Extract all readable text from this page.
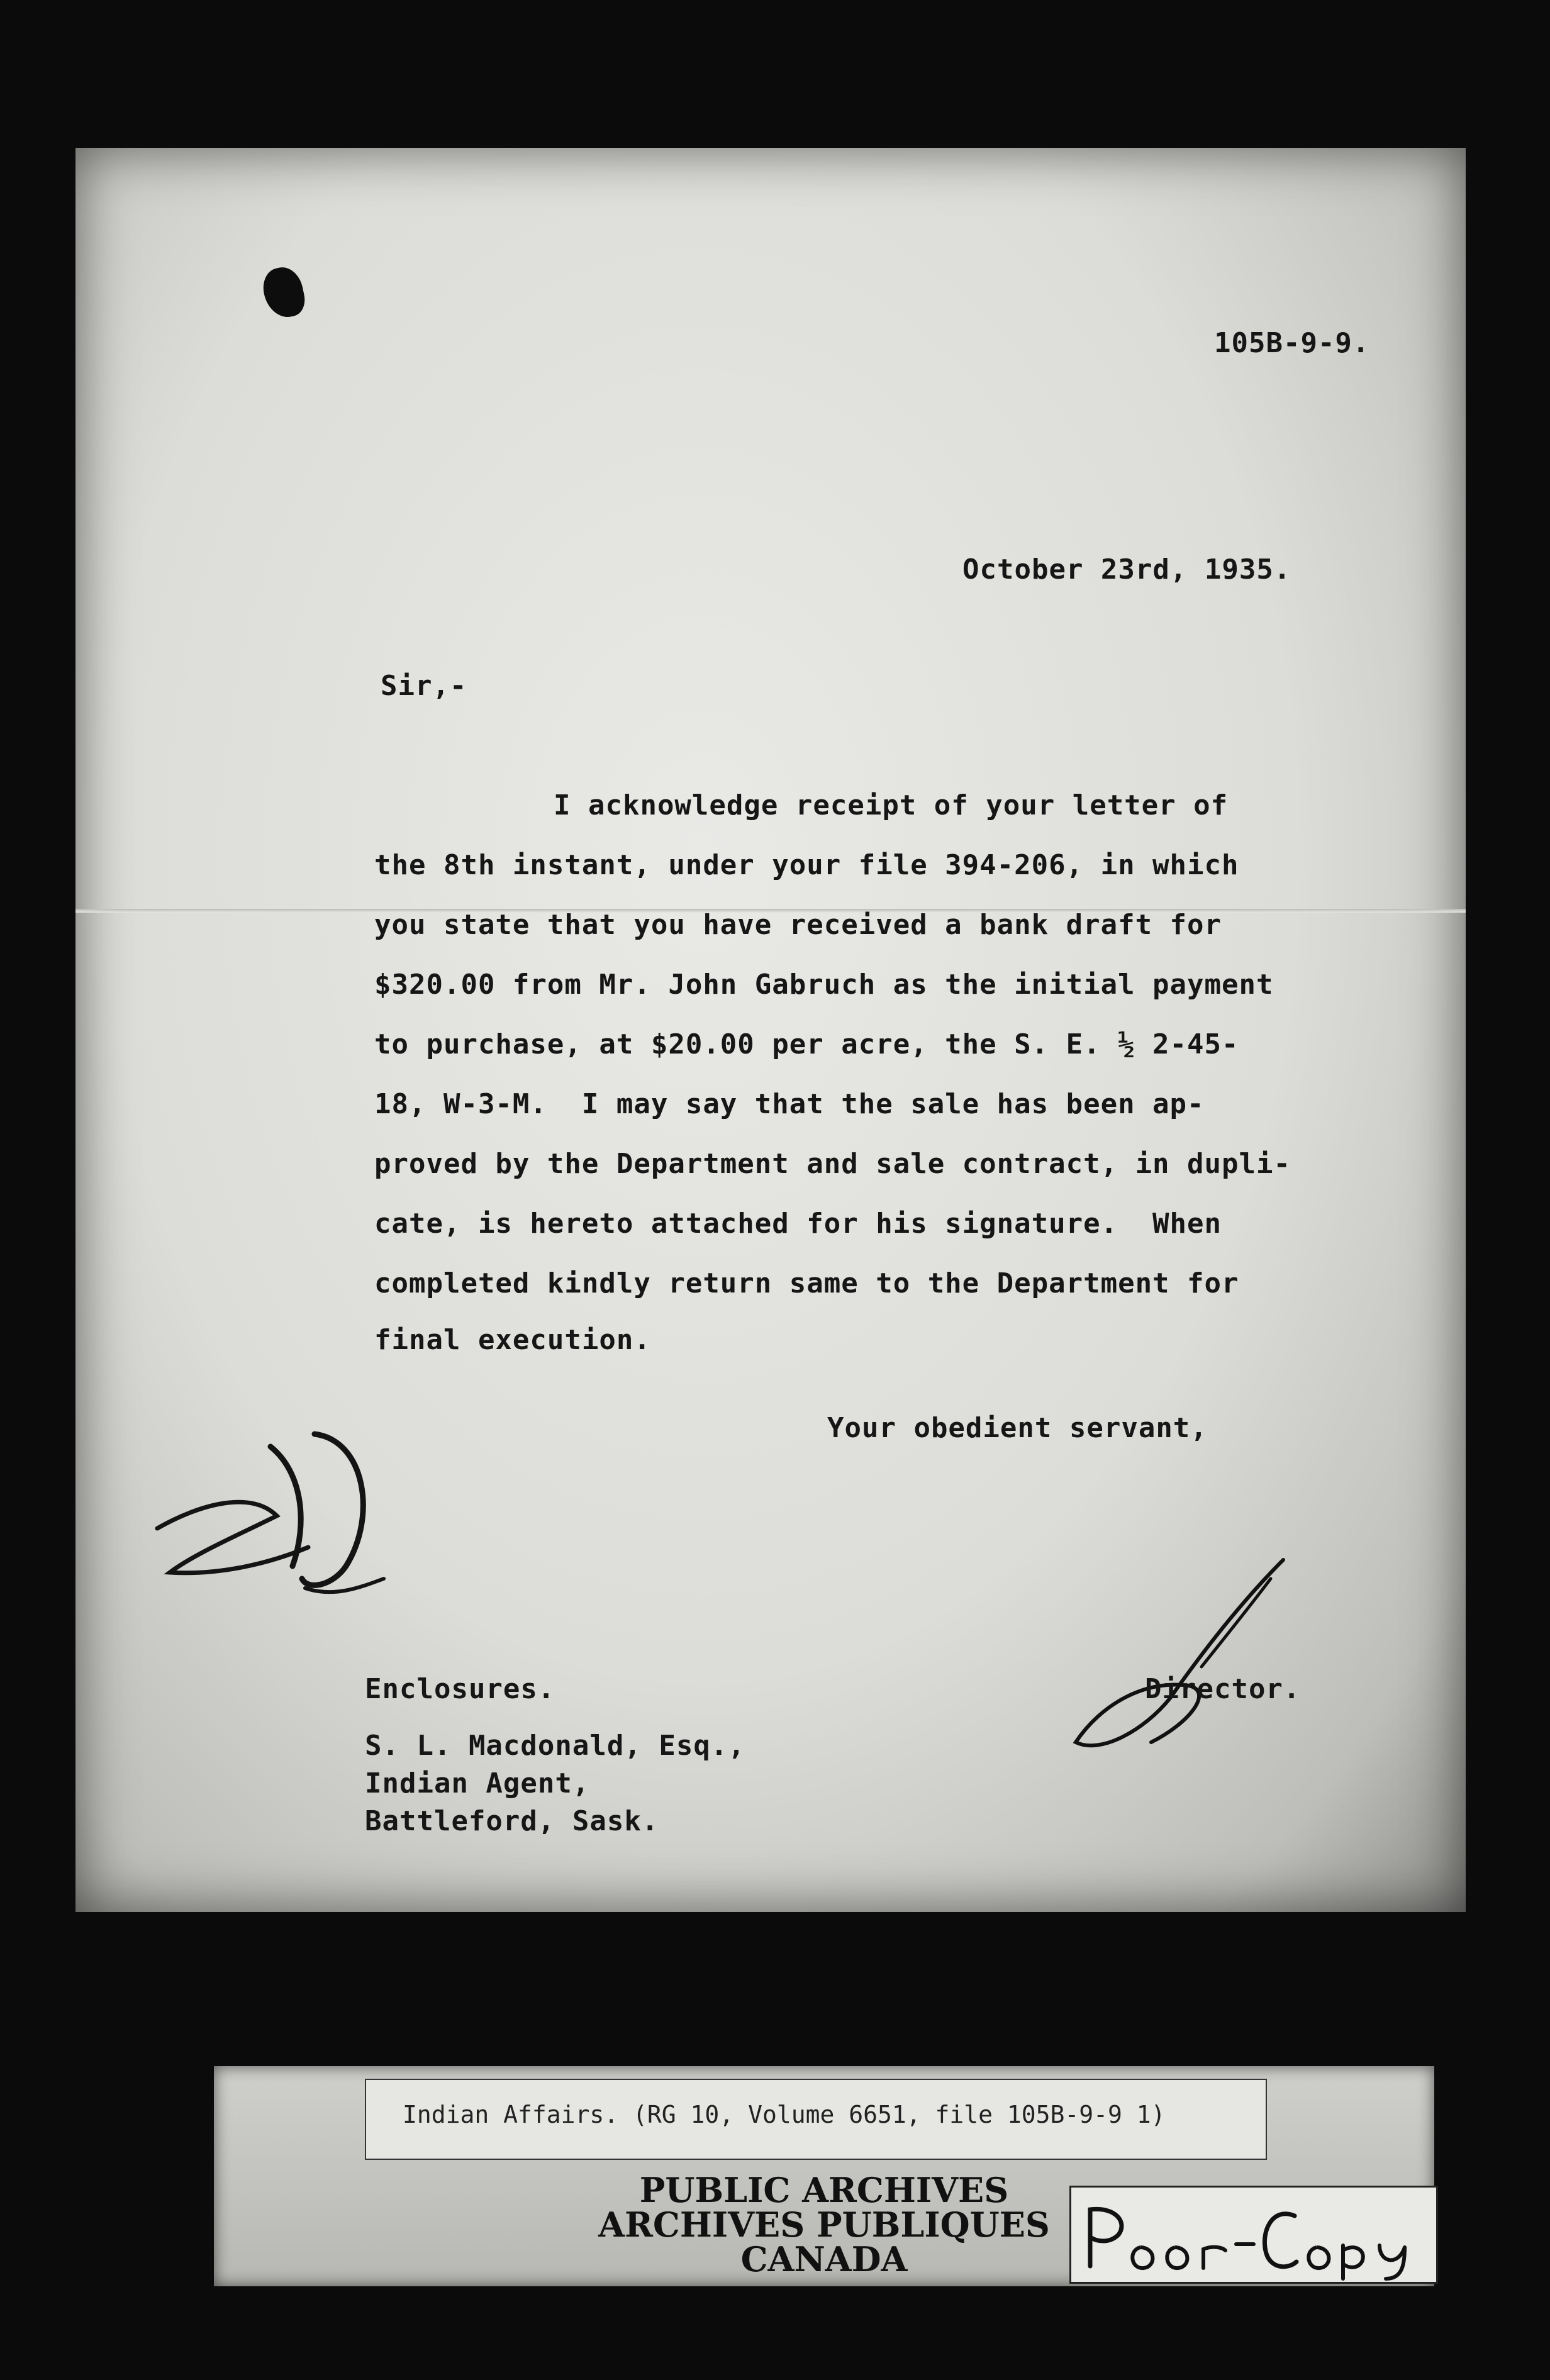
105B-9-9.

October 23rd, 1935.

Sir,-

I acknowledge receipt of your letter of

the 8th instant, under your file 394-206, in which

you state that you have received a bank draft for

$320.00 from Mr. John Gabruch as the initial payment

to purchase, at $20.00 per acre, the S. E. ½ 2-45-

18, W-3-M.  I may say that the sale has been ap-

proved by the Department and sale contract, in dupli-

cate, is hereto attached for his signature.  When

completed kindly return same to the Department for

final execution.

Your obedient servant,

Enclosures.	Director.

S. L. Macdonald, Esq.,

Indian Agent,

Battleford, Sask.

Indian Affairs. (RG 10, Volume 6651, file 105B-9-9 1)

PUBLIC ARCHIVES

ARCHIVES PUBLIQUES

CANADA
